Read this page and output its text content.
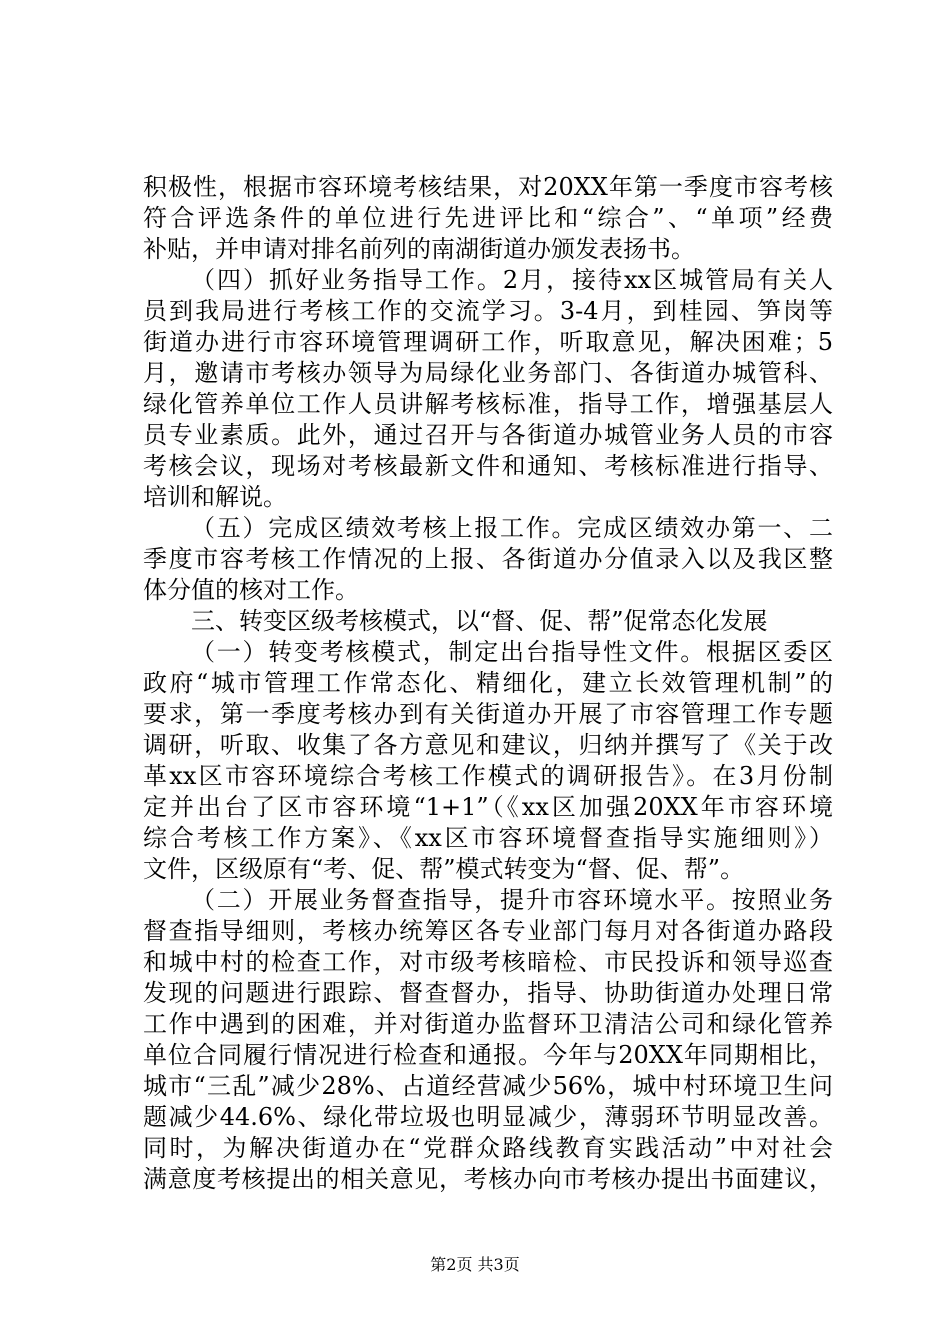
积极性，根据市容环境考核结果，对20XX年第一季度市容考核
符合评选条件的单位进行先进评比和“综合”、“单项”经费
补贴，并申请对排名前列的南湖街道办颁发表扬书。
（四）抓好业务指导工作。2月，接待xx区城管局有关人
员到我局进行考核工作的交流学习。3-4月，到桂园、笋岗等
街道办进行市容环境管理调研工作，听取意见，解决困难；5
月，邀请市考核办领导为局绿化业务部门、各街道办城管科、
绿化管养单位工作人员讲解考核标准，指导工作，增强基层人
员专业素质。此外，通过召开与各街道办城管业务人员的市容
考核会议，现场对考核最新文件和通知、考核标准进行指导、
培训和解说。
（五）完成区绩效考核上报工作。完成区绩效办第一、二
季度市容考核工作情况的上报、各街道办分值录入以及我区整
体分值的核对工作。
三、转变区级考核模式，以“督、促、帮”促常态化发展
（一）转变考核模式，制定出台指导性文件。根据区委区
政府“城市管理工作常态化、精细化，建立长效管理机制”的
要求，第一季度考核办到有关街道办开展了市容管理工作专题
调研，听取、收集了各方意见和建议，归纳并撰写了《关于改
革xx区市容环境综合考核工作模式的调研报告》。在3月份制
定并出台了区市容环境“1+1”（《xx区加强20XX年市容环境
综合考核工作方案》、《xx区市容环境督查指导实施细则》）
文件，区级原有“考、促、帮”模式转变为“督、促、帮”。
（二）开展业务督查指导，提升市容环境水平。按照业务
督查指导细则，考核办统筹区各专业部门每月对各街道办路段
和城中村的检查工作，对市级考核暗检、市民投诉和领导巡查
发现的问题进行跟踪、督查督办，指导、协助街道办处理日常
工作中遇到的困难，并对街道办监督环卫清洁公司和绿化管养
单位合同履行情况进行检查和通报。今年与20XX年同期相比，
城市“三乱”减少28%、占道经营减少56%，城中村环境卫生问
题减少44.6%、绿化带垃圾也明显减少，薄弱环节明显改善。
同时，为解决街道办在“党群众路线教育实践活动”中对社会
满意度考核提出的相关意见，考核办向市考核办提出书面建议，
第2页 共3页
